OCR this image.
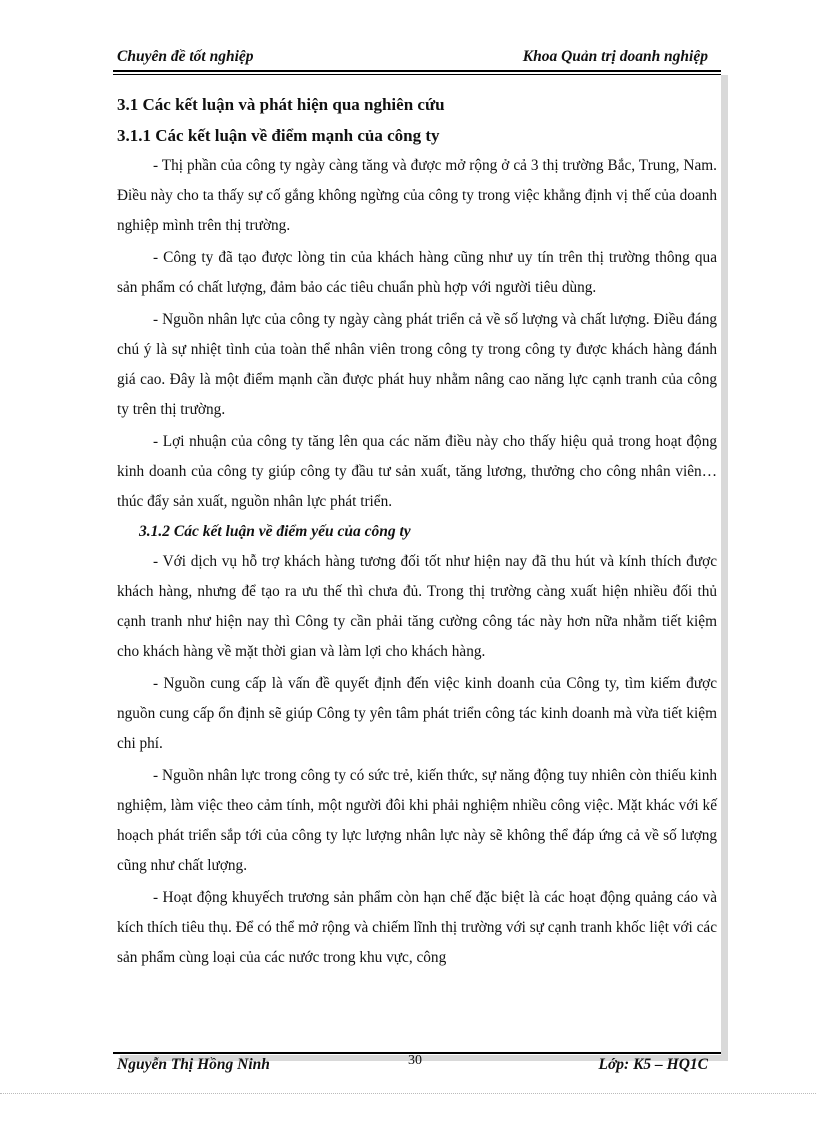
Chuyên đề tốt nghiệp	Khoa Quản trị doanh nghiệp
3.1 Các kết luận và phát hiện qua nghiên cứu
3.1.1 Các kết luận về điểm mạnh của công ty

- Thị phần của công ty ngày càng tăng và được mở rộng ở cả 3 thị trường Bắc, Trung, Nam. Điều này cho ta thấy sự cố gắng không ngừng của công ty trong việc khẳng định vị thế của doanh nghiệp mình trên thị trường.

- Công ty đã tạo được lòng tin của khách hàng cũng như uy tín trên thị trường thông qua sản phẩm có chất lượng, đảm bảo các tiêu chuẩn phù hợp với người tiêu dùng.

- Nguồn nhân lực của công ty ngày càng phát triển cả về số lượng và chất lượng. Điều đáng chú ý là sự nhiệt tình của toàn thể nhân viên trong công ty trong công ty được khách hàng đánh giá cao. Đây là một điểm mạnh cần được phát huy nhằm nâng cao năng lực cạnh tranh của công ty trên thị trường.

- Lợi nhuận của công ty tăng lên qua các năm điều này cho thấy hiệu quả trong hoạt động kinh doanh của công ty giúp công ty đầu tư sản xuất, tăng lương, thưởng cho công nhân viên…thúc đẩy sản xuất, nguồn nhân lực phát triển.

3.1.2 Các kết luận về điểm yếu của công ty

- Với dịch vụ hỗ trợ khách hàng tương đối tốt như hiện nay đã thu hút và kính thích được khách hàng, nhưng để tạo ra ưu thế thì chưa đủ. Trong thị trường càng xuất hiện nhiều đối thủ cạnh tranh như hiện nay thì Công ty cần phải tăng cường công tác này hơn nữa nhằm tiết kiệm cho khách hàng về mặt thời gian và làm lợi cho khách hàng.

- Nguồn cung cấp là vấn đề quyết định đến việc kinh doanh của Công ty, tìm kiếm được nguồn cung cấp ổn định sẽ giúp Công ty yên tâm phát triển công tác kinh doanh mà vừa tiết kiệm chi phí.

- Nguồn nhân lực trong công ty có sức trẻ, kiến thức, sự năng động tuy nhiên còn thiếu kinh nghiệm, làm việc theo cảm tính, một người đôi khi phải nghiệm nhiều công việc. Mặt khác với kế hoạch phát triển sắp tới của công ty lực lượng nhân lực này sẽ không thể đáp ứng cả về số lượng cũng như chất lượng.

- Hoạt động khuyếch trương sản phẩm còn hạn chế đặc biệt là các hoạt động quảng cáo và kích thích tiêu thụ. Để có thể mở rộng và chiếm lĩnh thị trường với sự cạnh tranh khốc liệt với các sản phẩm cùng loại của các nước trong khu vực, công

Nguyễn Thị Hồng Ninh	30	Lớp: K5 – HQ1C
